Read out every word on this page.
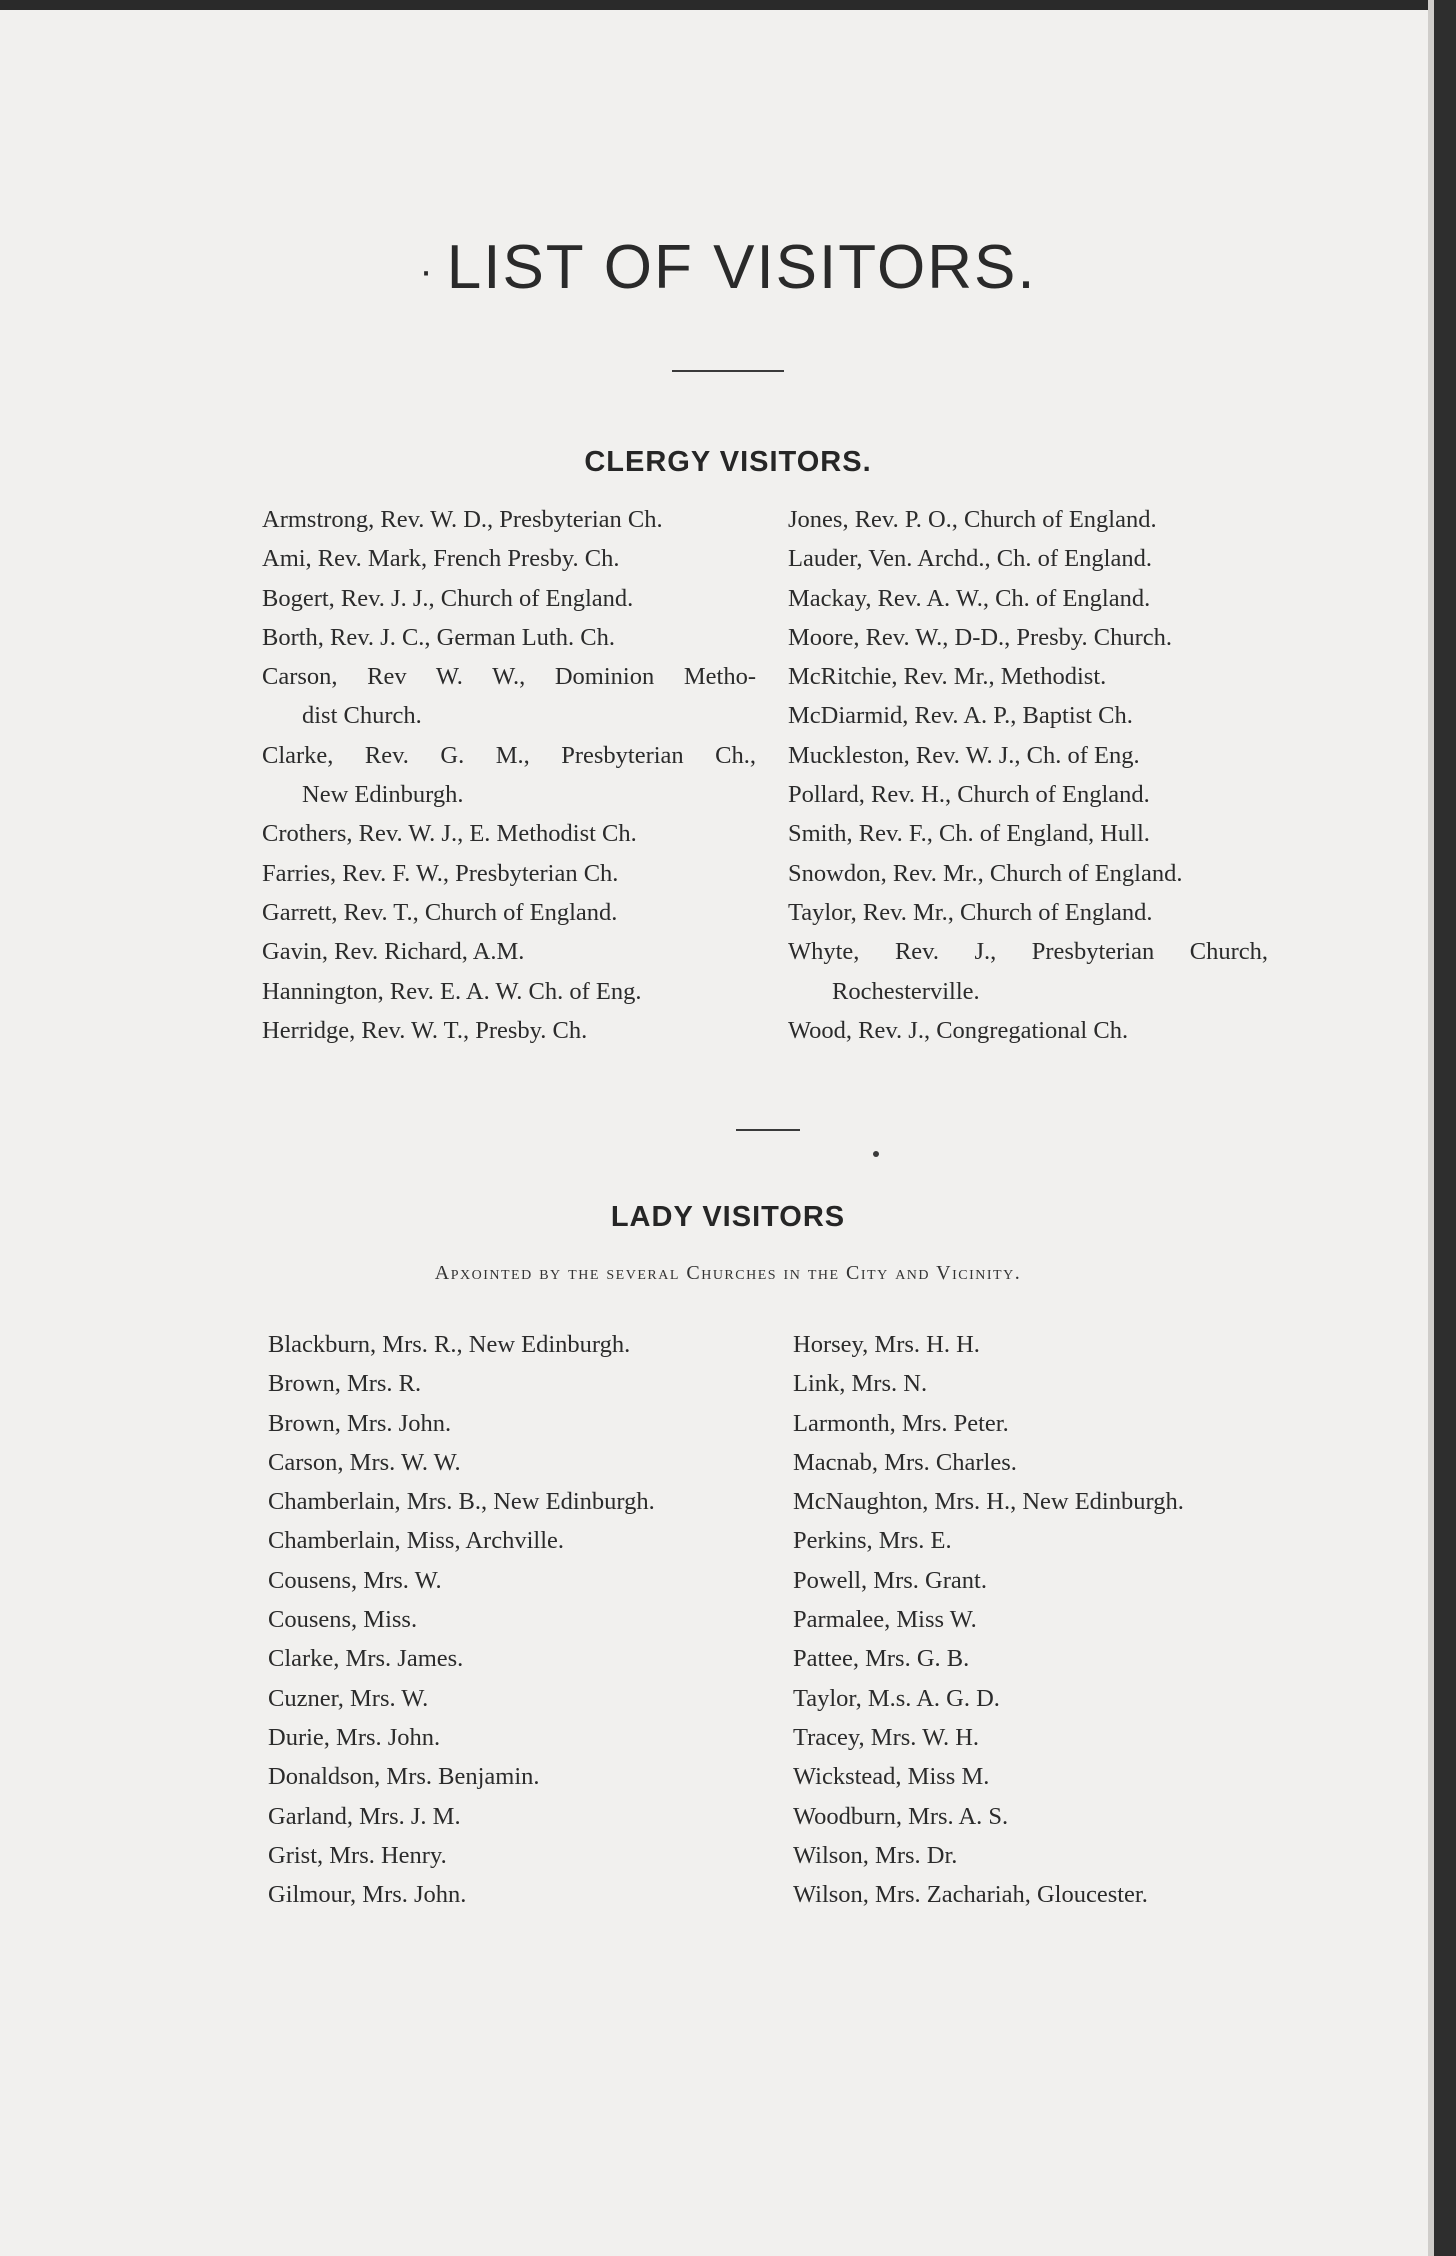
· LIST OF VISITORS.
CLERGY VISITORS.
Armstrong, Rev. W. D., Presbyterian Ch.
Ami, Rev. Mark, French Presby. Ch.
Bogert, Rev. J. J., Church of England.
Borth, Rev. J. C., German Luth. Ch.
Carson, Rev W. W., Dominion Metho-
dist Church.
Clarke, Rev. G. M., Presbyterian Ch.,
New Edinburgh.
Crothers, Rev. W. J., E. Methodist Ch.
Farries, Rev. F. W., Presbyterian Ch.
Garrett, Rev. T., Church of England.
Gavin, Rev. Richard, A.M.
Hannington, Rev. E. A. W. Ch. of Eng.
Herridge, Rev. W. T., Presby. Ch.
Jones, Rev. P. O., Church of England.
Lauder, Ven. Archd., Ch. of England.
Mackay, Rev. A. W., Ch. of England.
Moore, Rev. W., D-D., Presby. Church.
McRitchie, Rev. Mr., Methodist.
McDiarmid, Rev. A. P., Baptist Ch.
Muckleston, Rev. W. J., Ch. of Eng.
Pollard, Rev. H., Church of England.
Smith, Rev. F., Ch. of England, Hull.
Snowdon, Rev. Mr., Church of England.
Taylor, Rev. Mr., Church of England.
Whyte, Rev. J., Presbyterian Church,
Rochesterville.
Wood, Rev. J., Congregational Ch.
LADY VISITORS
Apxointed by the several Churches in the City and Vicinity.
Blackburn, Mrs. R., New Edinburgh.
Brown, Mrs. R.
Brown, Mrs. John.
Carson, Mrs. W. W.
Chamberlain, Mrs. B., New Edinburgh.
Chamberlain, Miss, Archville.
Cousens, Mrs. W.
Cousens, Miss.
Clarke, Mrs. James.
Cuzner, Mrs. W.
Durie, Mrs. John.
Donaldson, Mrs. Benjamin.
Garland, Mrs. J. M.
Grist, Mrs. Henry.
Gilmour, Mrs. John.
Horsey, Mrs. H. H.
Link, Mrs. N.
Larmonth, Mrs. Peter.
Macnab, Mrs. Charles.
McNaughton, Mrs. H., New Edinburgh.
Perkins, Mrs. E.
Powell, Mrs. Grant.
Parmalee, Miss W.
Pattee, Mrs. G. B.
Taylor, M.s. A. G. D.
Tracey, Mrs. W. H.
Wickstead, Miss M.
Woodburn, Mrs. A. S.
Wilson, Mrs. Dr.
Wilson, Mrs. Zachariah, Gloucester.
